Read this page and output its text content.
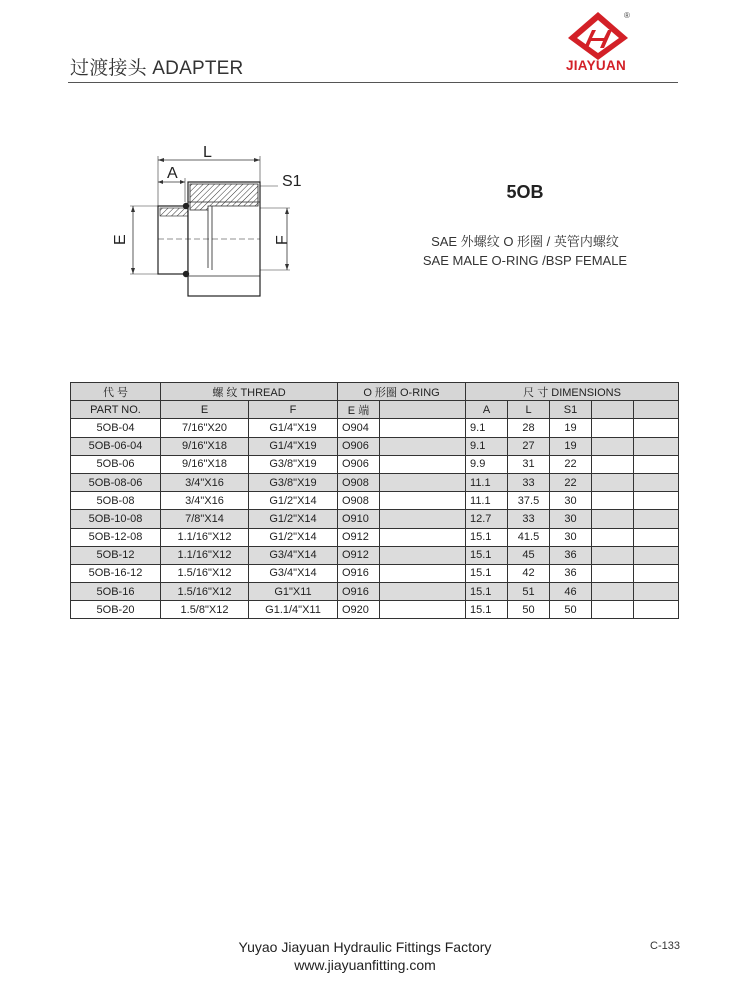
过渡接头 ADAPTER
®
JIAYUAN
L
A	S1
E	F
5OB
SAE 外螺纹 O 形圈 / 英管内螺纹
SAE MALE O-RING /BSP FEMALE
代 号	螺 纹 THREAD		O 形圈 O-RING		尺 寸 DIMENSIONS				
PART NO.	E	F	E 端		A	L	S1		
5OB-04	7/16"X20	G1/4"X19	O904		9.1	28	19		
5OB-06-04	9/16"X18	G1/4"X19	O906		9.1	27	19		
5OB-06	9/16"X18	G3/8"X19	O906		9.9	31	22		
5OB-08-06	3/4"X16	G3/8"X19	O908		11.1	33	22		
5OB-08	3/4"X16	G1/2"X14	O908		11.1	37.5	30		
5OB-10-08	7/8"X14	G1/2"X14	O910		12.7	33	30		
5OB-12-08	1.1/16"X12	G1/2"X14	O912		15.1	41.5	30		
5OB-12	1.1/16"X12	G3/4"X14	O912		15.1	45	36		
5OB-16-12	1.5/16"X12	G3/4"X14	O916		15.1	42	36		
5OB-16	1.5/16"X12	G1"X11	O916		15.1	51	46		
5OB-20	1.5/8"X12	G1.1/4"X11	O920		15.1	50	50		
Yuyao Jiayuan Hydraulic Fittings Factory
www.jiayuanfitting.com
C-133
